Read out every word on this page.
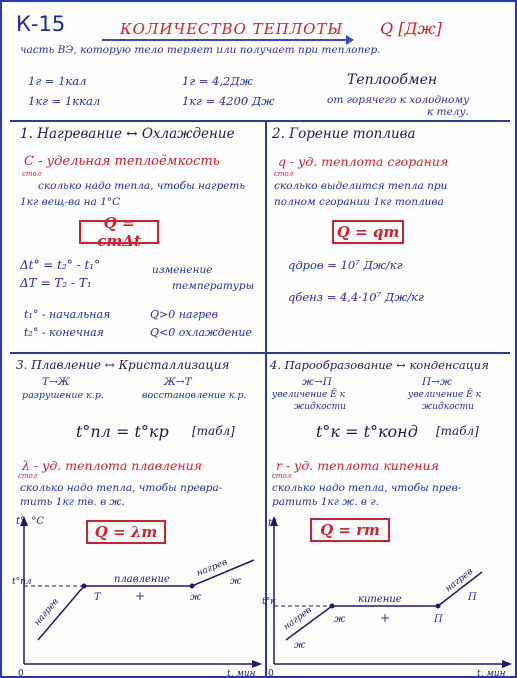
К-15	КОЛИЧЕСТВО ТЕПЛОТЫ Q [Дж]
часть ВЭ, которую тело теряет или получает при теплопер.
1г = 1кал
1кг = 1ккал
1г = 4,2Дж
1кг = 4200 Дж
Теплообмен
от горячего к холодному
к телу.
1. Нагревание ↔ Охлаждение
С - удельная теплоёмкость
стол
сколько надо тепла, чтобы нагреть
1кг вещ-ва на 1°С
Q = cmΔt
Δt° = t₂° - t₁°
ΔT = T₂ - T₁
изменение
температуры
t₁° - начальная
t₂° - конечная
Q>0 нагрев
Q<0 охлаждение
2. Горение топлива
q - уд. теплота сгорания
стол
сколько выделится тепла при
полном сгорании 1кг топлива
Q = qm
qдров = 10⁷ Дж/кг
qбенз = 4,4·10⁷ Дж/кг
3. Плавление ↔ Кристаллизация
Т→Ж	Ж→Т
разрушение к.р.	восстановление к.р.
t°пл = t°кр [табл]
λ - уд. теплота плавления
стол
сколько надо тепла, чтобы превра-
тить 1кг тв. в ж.
Q = λm
t°, °С
t°пл
t, мин
0
нагрев
плавление
нагрев
Т	+	ж
ж
t°
t°к
t, мин
0
нагрев
кипение
нагрев
ж
ж
+	П
П
4. Парообразование ↔ конденсация
ж→П	П→ж
увеличение Ē к
жидкости
увеличение Ē к
жидкости
t°к = t°конд [табл]
r - уд. теплота кипения
стол
сколько надо тепла, чтобы прев-
ратить 1кг ж. в г.
Q = rm
